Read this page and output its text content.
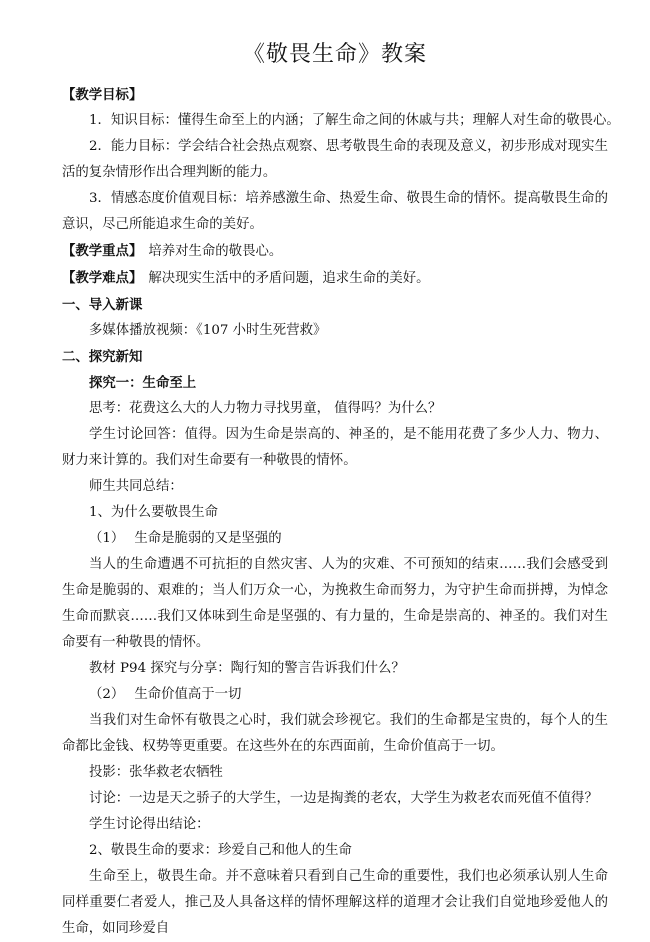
《敬畏生命》教案

【教学目标】

1．知识目标：懂得生命至上的内涵；了解生命之间的休戚与共；理解人对生命的敬畏心。

2．能力目标：学会结合社会热点观察、思考敬畏生命的表现及意义，初步形成对现实生活的复杂情形作出合理判断的能力。

3．情感态度价值观目标：培养感激生命、热爱生命、敬畏生命的情怀。提高敬畏生命的意识，尽己所能追求生命的美好。

【教学重点】 培养对生命的敬畏心。

【教学难点】 解决现实生活中的矛盾问题，追求生命的美好。

一、导入新课

多媒体播放视频：《107 小时生死营救》

二、探究新知

探究一：生命至上

思考：花费这么大的人力物力寻找男童， 值得吗？为什么？

学生讨论回答：值得。因为生命是崇高的、神圣的，是不能用花费了多少人力、物力、财力来计算的。我们对生命要有一种敬畏的情怀。

师生共同总结：

1、为什么要敬畏生命

（1） 生命是脆弱的又是坚强的

当人的生命遭遇不可抗拒的自然灾害、人为的灾难、不可预知的结束……我们会感受到生命是脆弱的、艰难的；当人们万众一心，为挽救生命而努力，为守护生命而拼搏，为悼念生命而默哀……我们又体味到生命是坚强的、有力量的，生命是崇高的、神圣的。我们对生命要有一种敬畏的情怀。

教材 P94 探究与分享：陶行知的警言告诉我们什么？

（2） 生命价值高于一切

当我们对生命怀有敬畏之心时，我们就会珍视它。我们的生命都是宝贵的，每个人的生命都比金钱、权势等更重要。在这些外在的东西面前，生命价值高于一切。

投影：张华救老农牺牲

讨论：一边是天之骄子的大学生，一边是掏粪的老农，大学生为救老农而死值不值得？

学生讨论得出结论：

2、敬畏生命的要求：珍爱自己和他人的生命

生命至上，敬畏生命。并不意味着只看到自己生命的重要性，我们也必须承认别人生命同样重要仁者爱人，推己及人具备这样的情怀理解这样的道理才会让我们自觉地珍爱他人的生命，如同珍爱自
